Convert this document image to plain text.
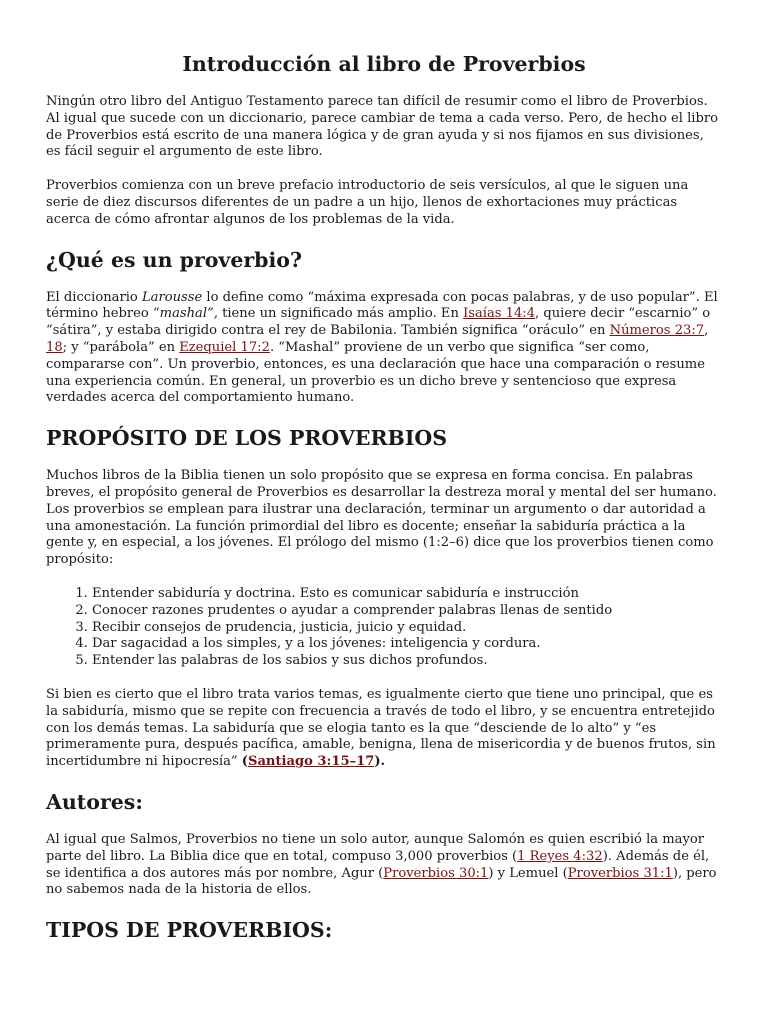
Introducción al libro de Proverbios

Ningún otro libro del Antiguo Testamento parece tan difícil de resumir como el libro de Proverbios. Al igual que sucede con un diccionario, parece cambiar de tema a cada verso. Pero, de hecho el libro de Proverbios está escrito de una manera lógica y de gran ayuda y si nos fijamos en sus divisiones, es fácil seguir el argumento de este libro.

Proverbios comienza con un breve prefacio introductorio de seis versículos, al que le siguen una serie de diez discursos diferentes de un padre a un hijo, llenos de exhortaciones muy prácticas acerca de cómo afrontar algunos de los problemas de la vida.

¿Qué es un proverbio?

El diccionario Larousse lo define como “máxima expresada con pocas palabras, y de uso popular”. El término hebreo “mashal”, tiene un significado más amplio. En Isaías 14:4, quiere decir “escarnio” o “sátira”, y estaba dirigido contra el rey de Babilonia. También significa “oráculo” en Números 23:7, 18; y “parábola” en Ezequiel 17:2. “Mashal” proviene de un verbo que significa “ser como, compararse con”. Un proverbio, entonces, es una declaración que hace una comparación o resume una experiencia común. En general, un proverbio es un dicho breve y sentencioso que expresa verdades acerca del comportamiento humano.

PROPÓSITO DE LOS PROVERBIOS

Muchos libros de la Biblia tienen un solo propósito que se expresa en forma concisa. En palabras breves, el propósito general de Proverbios es desarrollar la destreza moral y mental del ser humano. Los proverbios se emplean para ilustrar una declaración, terminar un argumento o dar autoridad a una amonestación. La función primordial del libro es docente; enseñar la sabiduría práctica a la gente y, en especial, a los jóvenes. El prólogo del mismo (1:2–6) dice que los proverbios tienen como propósito:

1. Entender sabiduría y doctrina. Esto es comunicar sabiduría e instrucción
2. Conocer razones prudentes o ayudar a comprender palabras llenas de sentido
3. Recibir consejos de prudencia, justicia, juicio y equidad.
4. Dar sagacidad a los simples, y a los jóvenes: inteligencia y cordura.
5. Entender las palabras de los sabios y sus dichos profundos.

Si bien es cierto que el libro trata varios temas, es igualmente cierto que tiene uno principal, que es la sabiduría, mismo que se repite con frecuencia a través de todo el libro, y se encuentra entretejido con los demás temas. La sabiduría que se elogia tanto es la que “desciende de lo alto” y “es primeramente pura, después pacífica, amable, benigna, llena de misericordia y de buenos frutos, sin incertidumbre ni hipocresía” (Santiago 3:15–17).

Autores:

Al igual que Salmos, Proverbios no tiene un solo autor, aunque Salomón es quien escribió la mayor parte del libro. La Biblia dice que en total, compuso 3,000 proverbios (1 Reyes 4:32). Además de él, se identifica a dos autores más por nombre, Agur (Proverbios 30:1) y Lemuel (Proverbios 31:1), pero no sabemos nada de la historia de ellos.

TIPOS DE PROVERBIOS:
